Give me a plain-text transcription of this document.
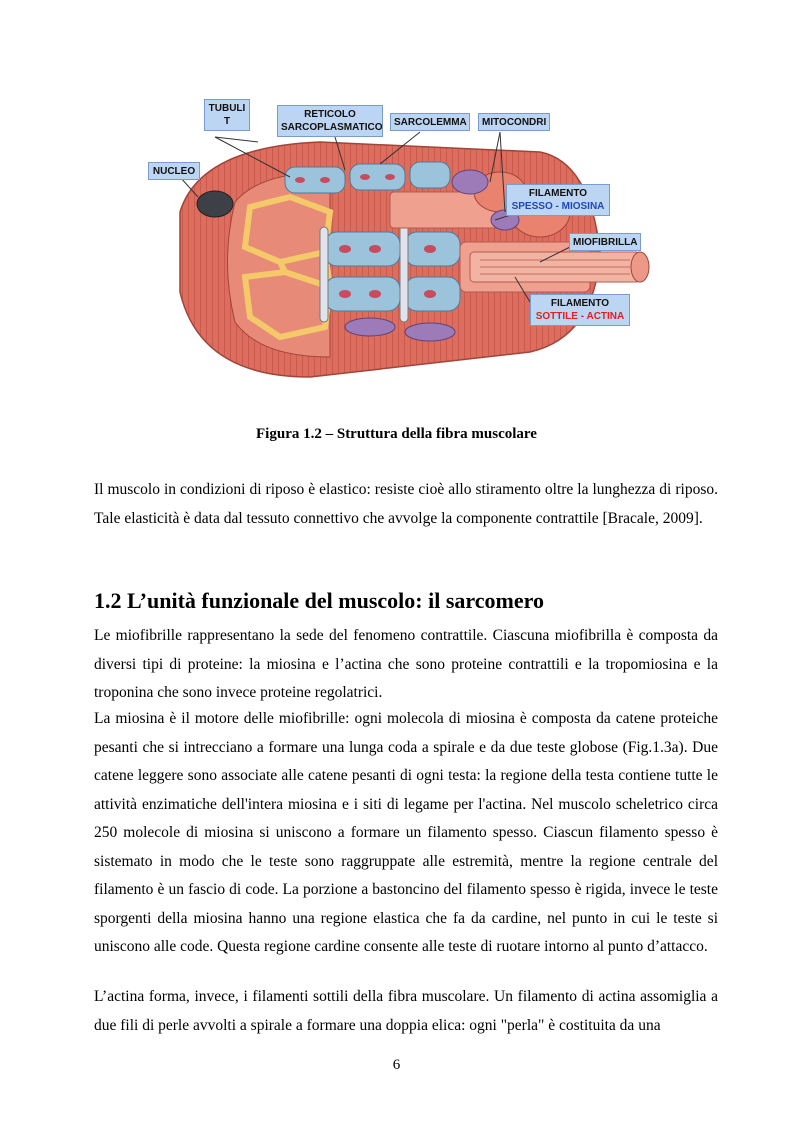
TUBULI
T
RETICOLO
SARCOPLASMATICO	SARCOLEMMA	MITOCONDRI
NUCLEO
FILAMENTO
SPESSO - MIOSINA
MIOFIBRILLA
FILAMENTO
SOTTILE - ACTINA
Figura 1.2 – Struttura della fibra muscolare
Il muscolo in condizioni di riposo è elastico: resiste cioè allo stiramento oltre la lunghezza di riposo. Tale elasticità è data dal tessuto connettivo che avvolge la componente contrattile [Bracale, 2009].
1.2 L’unità funzionale del muscolo: il sarcomero
Le miofibrille rappresentano la sede del fenomeno contrattile. Ciascuna miofibrilla è composta da diversi tipi di proteine: la miosina e l’actina che sono proteine contrattili e la tropomiosina e la troponina che sono invece proteine regolatrici.
La miosina è il motore delle miofibrille: ogni molecola di miosina è composta da catene proteiche pesanti che si intrecciano a formare una lunga coda a spirale e da due teste globose (Fig.1.3a). Due catene leggere sono associate alle catene pesanti di ogni testa: la regione della testa contiene tutte le attività enzimatiche dell'intera miosina e i siti di legame per l'actina. Nel muscolo scheletrico circa 250 molecole di miosina si uniscono a formare un filamento spesso. Ciascun filamento spesso è sistemato in modo che le teste sono raggruppate alle estremità, mentre la regione centrale del filamento è un fascio di code. La porzione a bastoncino del filamento spesso è rigida, invece le teste sporgenti della miosina hanno una regione elastica che fa da cardine, nel punto in cui le teste si uniscono alle code. Questa regione cardine consente alle teste di ruotare intorno al punto d’attacco.
L’actina forma, invece, i filamenti sottili della fibra muscolare. Un filamento di actina assomiglia a due fili di perle avvolti a spirale a formare una doppia elica: ogni "perla" è costituita da una
6
